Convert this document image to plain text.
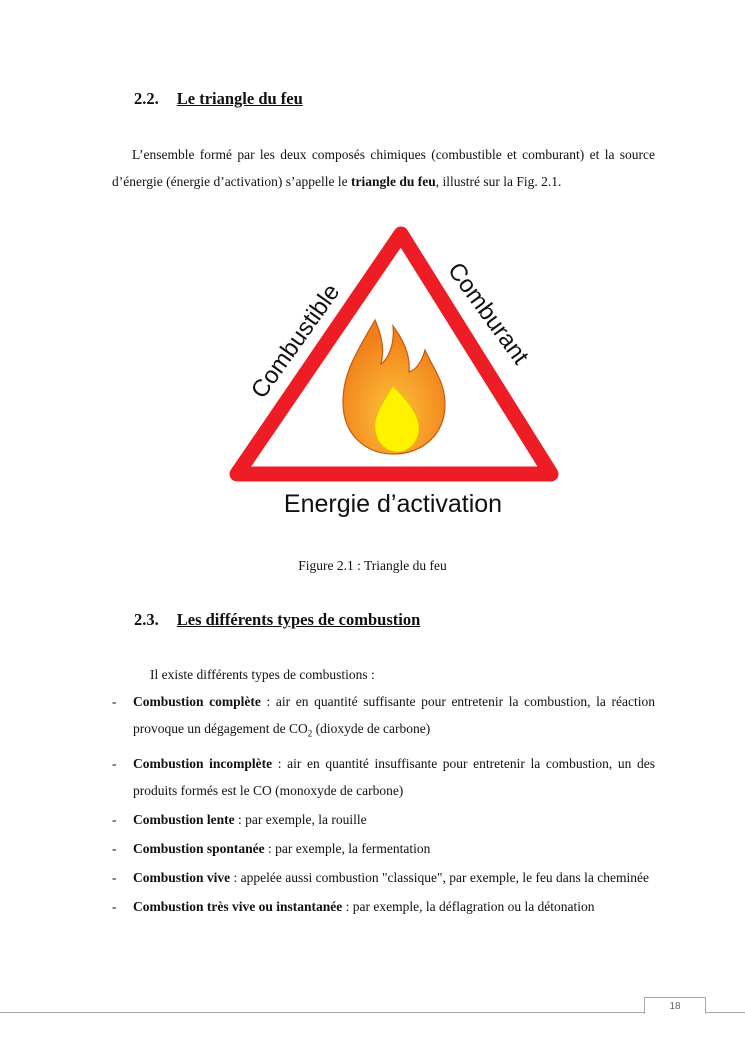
2.2. Le triangle du feu

L’ensemble formé par les deux composés chimiques (combustible et comburant) et la source d’énergie (énergie d’activation) s’appelle le triangle du feu, illustré sur la Fig. 2.1.

Combustible
Comburant
Energie d’activation
Figure 2.1 : Triangle du feu
2.3. Les différents types de combustion

Il existe différents types de combustions :

- Combustion complète : air en quantité suffisante pour entretenir la combustion, la réaction provoque un dégagement de $CO_2$ (dioxyde de carbone)
- Combustion incomplète : air en quantité insuffisante pour entretenir la combustion, un des produits formés est le CO (monoxyde de carbone)
- Combustion lente : par exemple, la rouille
- Combustion spontanée : par exemple, la fermentation
- Combustion vive : appelée aussi combustion "classique", par exemple, le feu dans la cheminée
- Combustion très vive ou instantanée : par exemple, la déflagration ou la détonation
18
